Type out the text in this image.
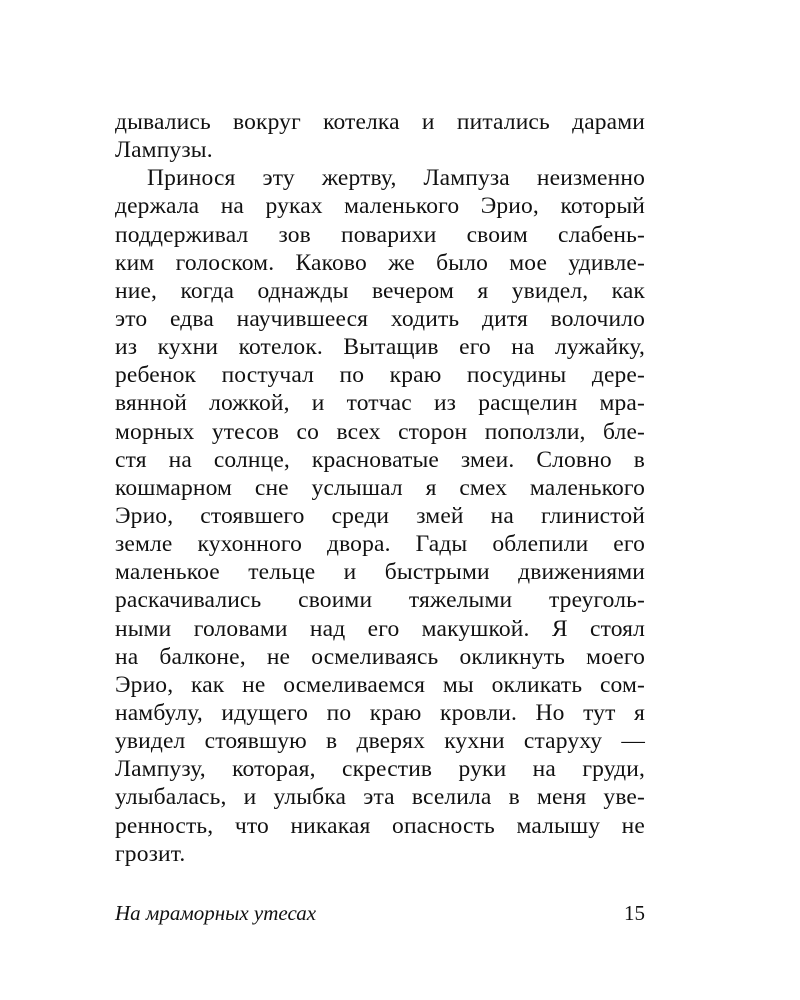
дывались вокруг котелка и питались дарами
Лампузы.
Принося эту жертву, Лампуза неизменно
держала на руках маленького Эрио, который
поддерживал зов поварихи своим слабень-
ким голоском. Каково же было мое удивле-
ние, когда однажды вечером я увидел, как
это едва научившееся ходить дитя волочило
из кухни котелок. Вытащив его на лужайку,
ребенок постучал по краю посудины дере-
вянной ложкой, и тотчас из расщелин мра-
морных утесов со всех сторон поползли, бле-
стя на солнце, красноватые змеи. Словно в
кошмарном сне услышал я смех маленького
Эрио, стоявшего среди змей на глинистой
земле кухонного двора. Гады облепили его
маленькое тельце и быстрыми движениями
раскачивались своими тяжелыми треуголь-
ными головами над его макушкой. Я стоял
на балконе, не осмеливаясь окликнуть моего
Эрио, как не осмеливаемся мы окликать сом-
намбулу, идущего по краю кровли. Но тут я
увидел стоявшую в дверях кухни старуху —
Лампузу, которая, скрестив руки на груди,
улыбалась, и улыбка эта вселила в меня уве-
ренность, что никакая опасность малышу не
грозит.
На мраморных утесах	15
